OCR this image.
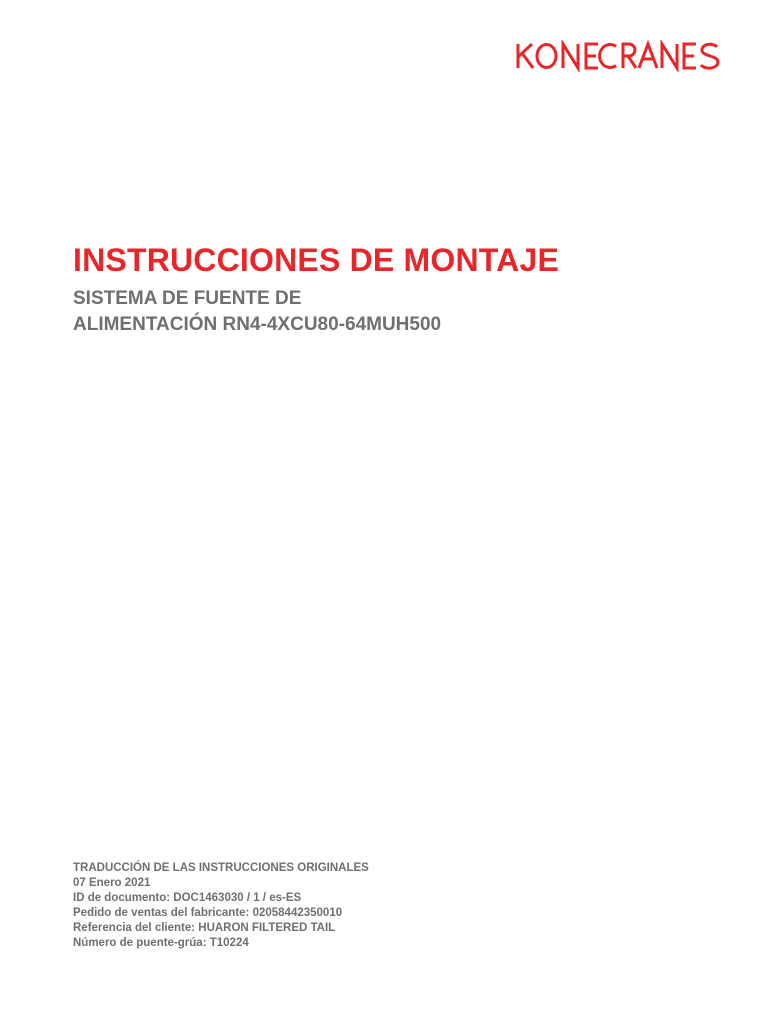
INSTRUCCIONES DE MONTAJE
SISTEMA DE FUENTE DE
ALIMENTACIÓN RN4-4XCU80-64MUH500
TRADUCCIÓN DE LAS INSTRUCCIONES ORIGINALES
07 Enero 2021
ID de documento: DOC1463030 / 1 / es-ES
Pedido de ventas del fabricante: 02058442350010
Referencia del cliente: HUARON FILTERED TAIL
Número de puente-grúa: T10224
